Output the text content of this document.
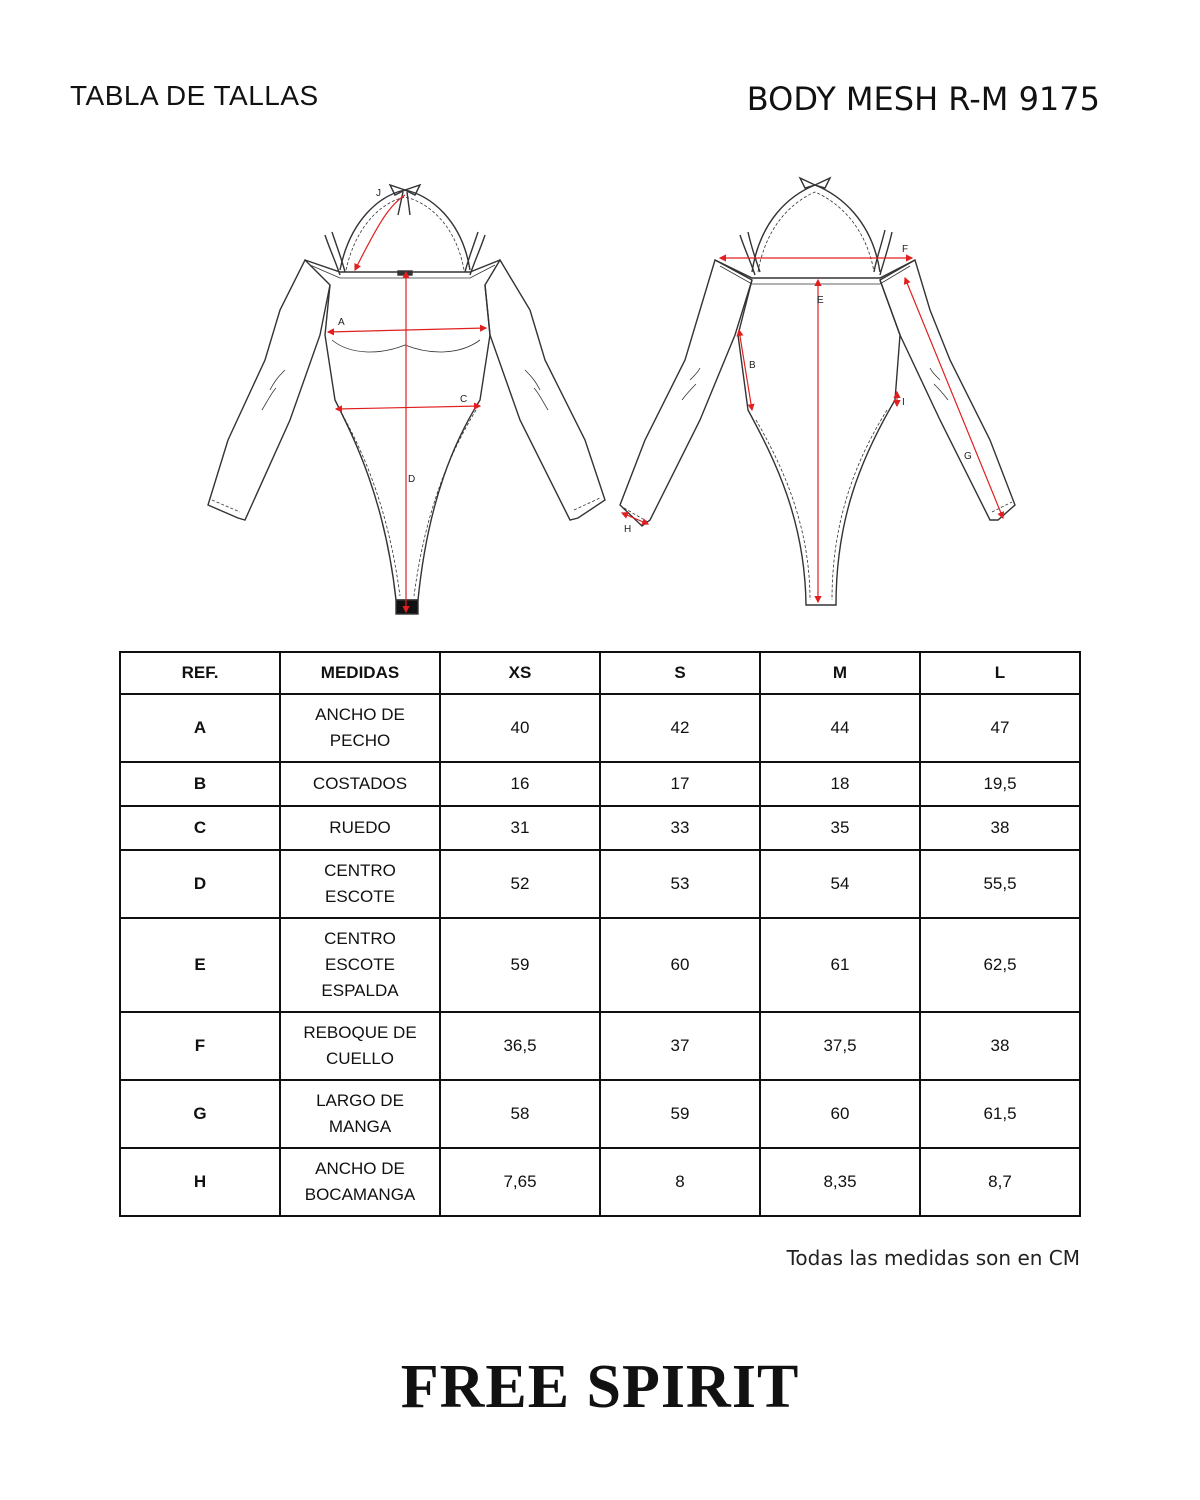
TABLA DE TALLAS	BODY MESH R-M 9175
J
A
C
D
F
E
B
I
G
H
REF.	MEDIDAS	XS	S	M	L
A	ANCHO DE PECHO	40	42	44	47
B	COSTADOS	16	17	18	19,5
C	RUEDO	31	33	35	38
D	CENTRO ESCOTE	52	53	54	55,5
E	CENTRO ESCOTE ESPALDA	59	60	61	62,5
F	REBOQUE DE CUELLO	36,5	37	37,5	38
G	LARGO DE MANGA	58	59	60	61,5
H	ANCHO DE BOCAMANGA	7,65	8	8,35	8,7
Todas las medidas son en CM
FREE SPIRIT
